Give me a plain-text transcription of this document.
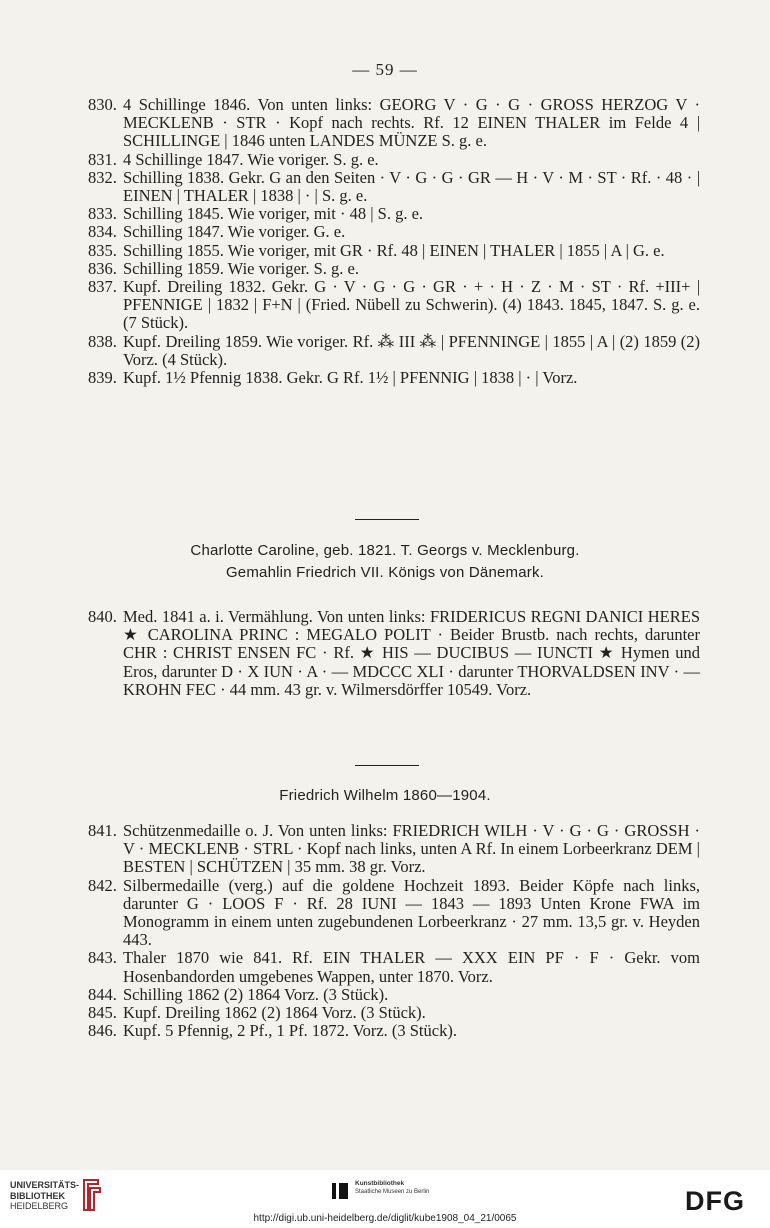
— 59 —
830. 4 Schillinge 1846. Von unten links: GEORG V · G · G · GROSS HERZOG V · MECKLENB · STR · Kopf nach rechts. Rf. 12 EINEN THALER im Felde 4 | SCHILLINGE | 1846 unten LANDES MÜNZE S. g. e.
831. 4 Schillinge 1847. Wie voriger. S. g. e.
832. Schilling 1838. Gekr. G an den Seiten · V · G · G · GR — H · V · M · ST · Rf. · 48 · | EINEN | THALER | 1838 | · | S. g. e.
833. Schilling 1845. Wie voriger, mit · 48 | S. g. e.
834. Schilling 1847. Wie voriger. G. e.
835. Schilling 1855. Wie voriger, mit GR · Rf. 48 | EINEN | THALER | 1855 | A | G. e.
836. Schilling 1859. Wie voriger. S. g. e.
837. Kupf. Dreiling 1832. Gekr. G · V · G · G · GR · + · H · Z · M · ST · Rf. +III+ | PFENNIGE | 1832 | F+N | (Fried. Nübell zu Schwerin). (4) 1843. 1845, 1847. S. g. e. (7 Stück).
838. Kupf. Dreiling 1859. Wie voriger. Rf. ⁂ III ⁂ | PFENNINGE | 1855 | A | (2) 1859 (2) Vorz. (4 Stück).
839. Kupf. 1½ Pfennig 1838. Gekr. G Rf. 1½ | PFENNIG | 1838 | · | Vorz.
Charlotte Caroline, geb. 1821. T. Georgs v. Mecklenburg.
Gemahlin Friedrich VII. Königs von Dänemark.
840. Med. 1841 a. i. Vermählung. Von unten links: FRIDERICUS REGNI DANICI HERES ★ CAROLINA PRINC : MEGALO POLIT · Beider Brustb. nach rechts, darunter CHR : CHRIST ENSEN FC · Rf. ★ HIS — DUCIBUS — IUNCTI ★ Hymen und Eros, darunter D · X IUN · A · — MDCCC XLI · darunter THORVALDSEN INV · — KROHN FEC · 44 mm. 43 gr. v. Wilmersdörffer 10549. Vorz.
Friedrich Wilhelm 1860—1904.
841. Schützenmedaille o. J. Von unten links: FRIEDRICH WILH · V · G · G · GROSSH · V · MECKLENB · STRL · Kopf nach links, unten A Rf. In einem Lorbeerkranz DEM | BESTEN | SCHÜTZEN | 35 mm. 38 gr. Vorz.
842. Silbermedaille (verg.) auf die goldene Hochzeit 1893. Beider Köpfe nach links, darunter G · LOOS F · Rf. 28 IUNI — 1843 — 1893 Unten Krone FWA im Monogramm in einem unten zugebundenen Lorbeerkranz · 27 mm. 13,5 gr. v. Heyden 443.
843. Thaler 1870 wie 841. Rf. EIN THALER — XXX EIN PF · F · Gekr. vom Hosenbandorden umgebenes Wappen, unter 1870. Vorz.
844. Schilling 1862 (2) 1864 Vorz. (3 Stück).
845. Kupf. Dreiling 1862 (2) 1864 Vorz. (3 Stück).
846. Kupf. 5 Pfennig, 2 Pf., 1 Pf. 1872. Vorz. (3 Stück).
UNIVERSITÄTS-
BIBLIOTHEK
HEIDELBERG
Kunstbibliothek
Staatliche Museen zu Berlin	DFG
http://digi.ub.uni-heidelberg.de/diglit/kube1908_04_21/0065
